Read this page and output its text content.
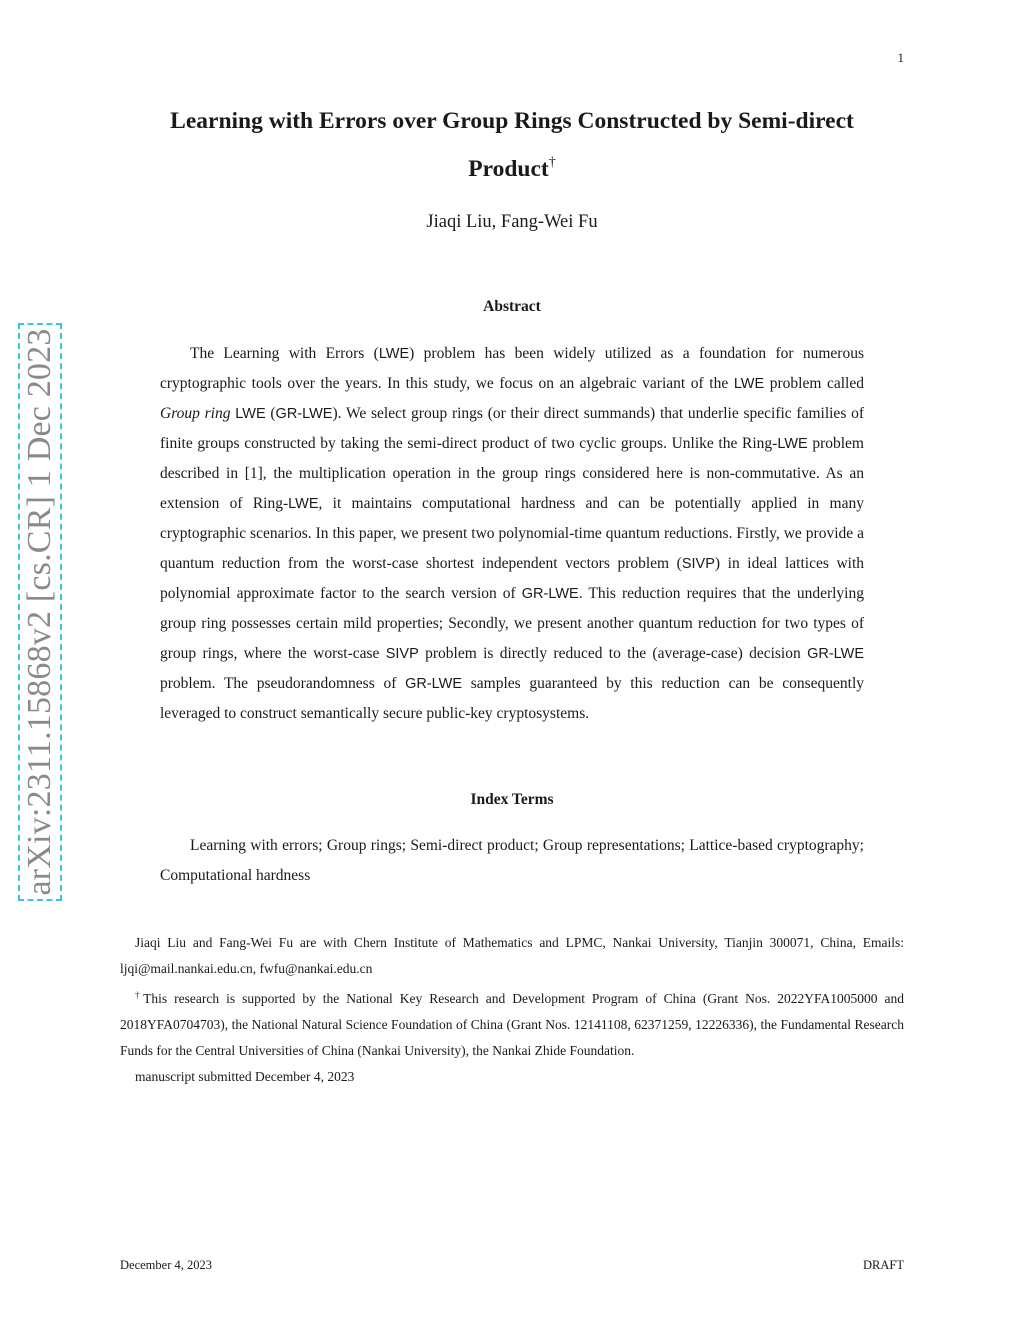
1
arXiv:2311.15868v2 [cs.CR] 1 Dec 2023
Learning with Errors over Group Rings Constructed by Semi-direct Product†
Jiaqi Liu, Fang-Wei Fu
Abstract

The Learning with Errors (LWE) problem has been widely utilized as a foundation for numerous cryptographic tools over the years. In this study, we focus on an algebraic variant of the LWE problem called Group ring LWE (GR-LWE). We select group rings (or their direct summands) that underlie specific families of finite groups constructed by taking the semi-direct product of two cyclic groups. Unlike the Ring-LWE problem described in [1], the multiplication operation in the group rings considered here is non-commutative. As an extension of Ring-LWE, it maintains computational hardness and can be potentially applied in many cryptographic scenarios. In this paper, we present two polynomial-time quantum reductions. Firstly, we provide a quantum reduction from the worst-case shortest independent vectors problem (SIVP) in ideal lattices with polynomial approximate factor to the search version of GR-LWE. This reduction requires that the underlying group ring possesses certain mild properties; Secondly, we present another quantum reduction for two types of group rings, where the worst-case SIVP problem is directly reduced to the (average-case) decision GR-LWE problem. The pseudorandomness of GR-LWE samples guaranteed by this reduction can be consequently leveraged to construct semantically secure public-key cryptosystems.

Index Terms

Learning with errors; Group rings; Semi-direct product; Group representations; Lattice-based cryptography; Computational hardness

Jiaqi Liu and Fang-Wei Fu are with Chern Institute of Mathematics and LPMC, Nankai University, Tianjin 300071, China, Emails: ljqi@mail.nankai.edu.cn, fwfu@nankai.edu.cn

†This research is supported by the National Key Research and Development Program of China (Grant Nos. 2022YFA1005000 and 2018YFA0704703), the National Natural Science Foundation of China (Grant Nos. 12141108, 62371259, 12226336), the Fundamental Research Funds for the Central Universities of China (Nankai University), the Nankai Zhide Foundation.

manuscript submitted December 4, 2023

December 4, 2023	DRAFT
